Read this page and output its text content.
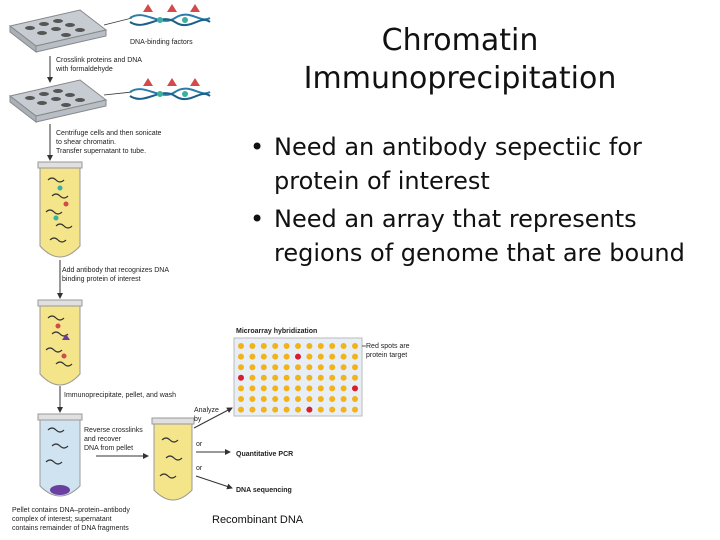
Chromatin
Immunoprecipitation
• Need an antibody sepectiic for protein of interest
• Need an array that represents regions of genome that are bound
DNA-binding factors
Crosslink proteins and DNA
with formaldehyde
Centrifuge cells and then sonicate
to shear chromatin.
Transfer supernatant to tube.
Add antibody that recognizes DNA
binding protein of interest
Immunoprecipitate, pellet, and wash
Reverse crosslinks
and recover
DNA from pellet
Pellet contains DNA–protein–antibody
complex of interest; supernatant
contains remainder of DNA fragments
Analyze
by
or
or
Quantitative PCR
DNA sequencing
Microarray hybridization
Red spots are
protein target
Recombinant DNA
